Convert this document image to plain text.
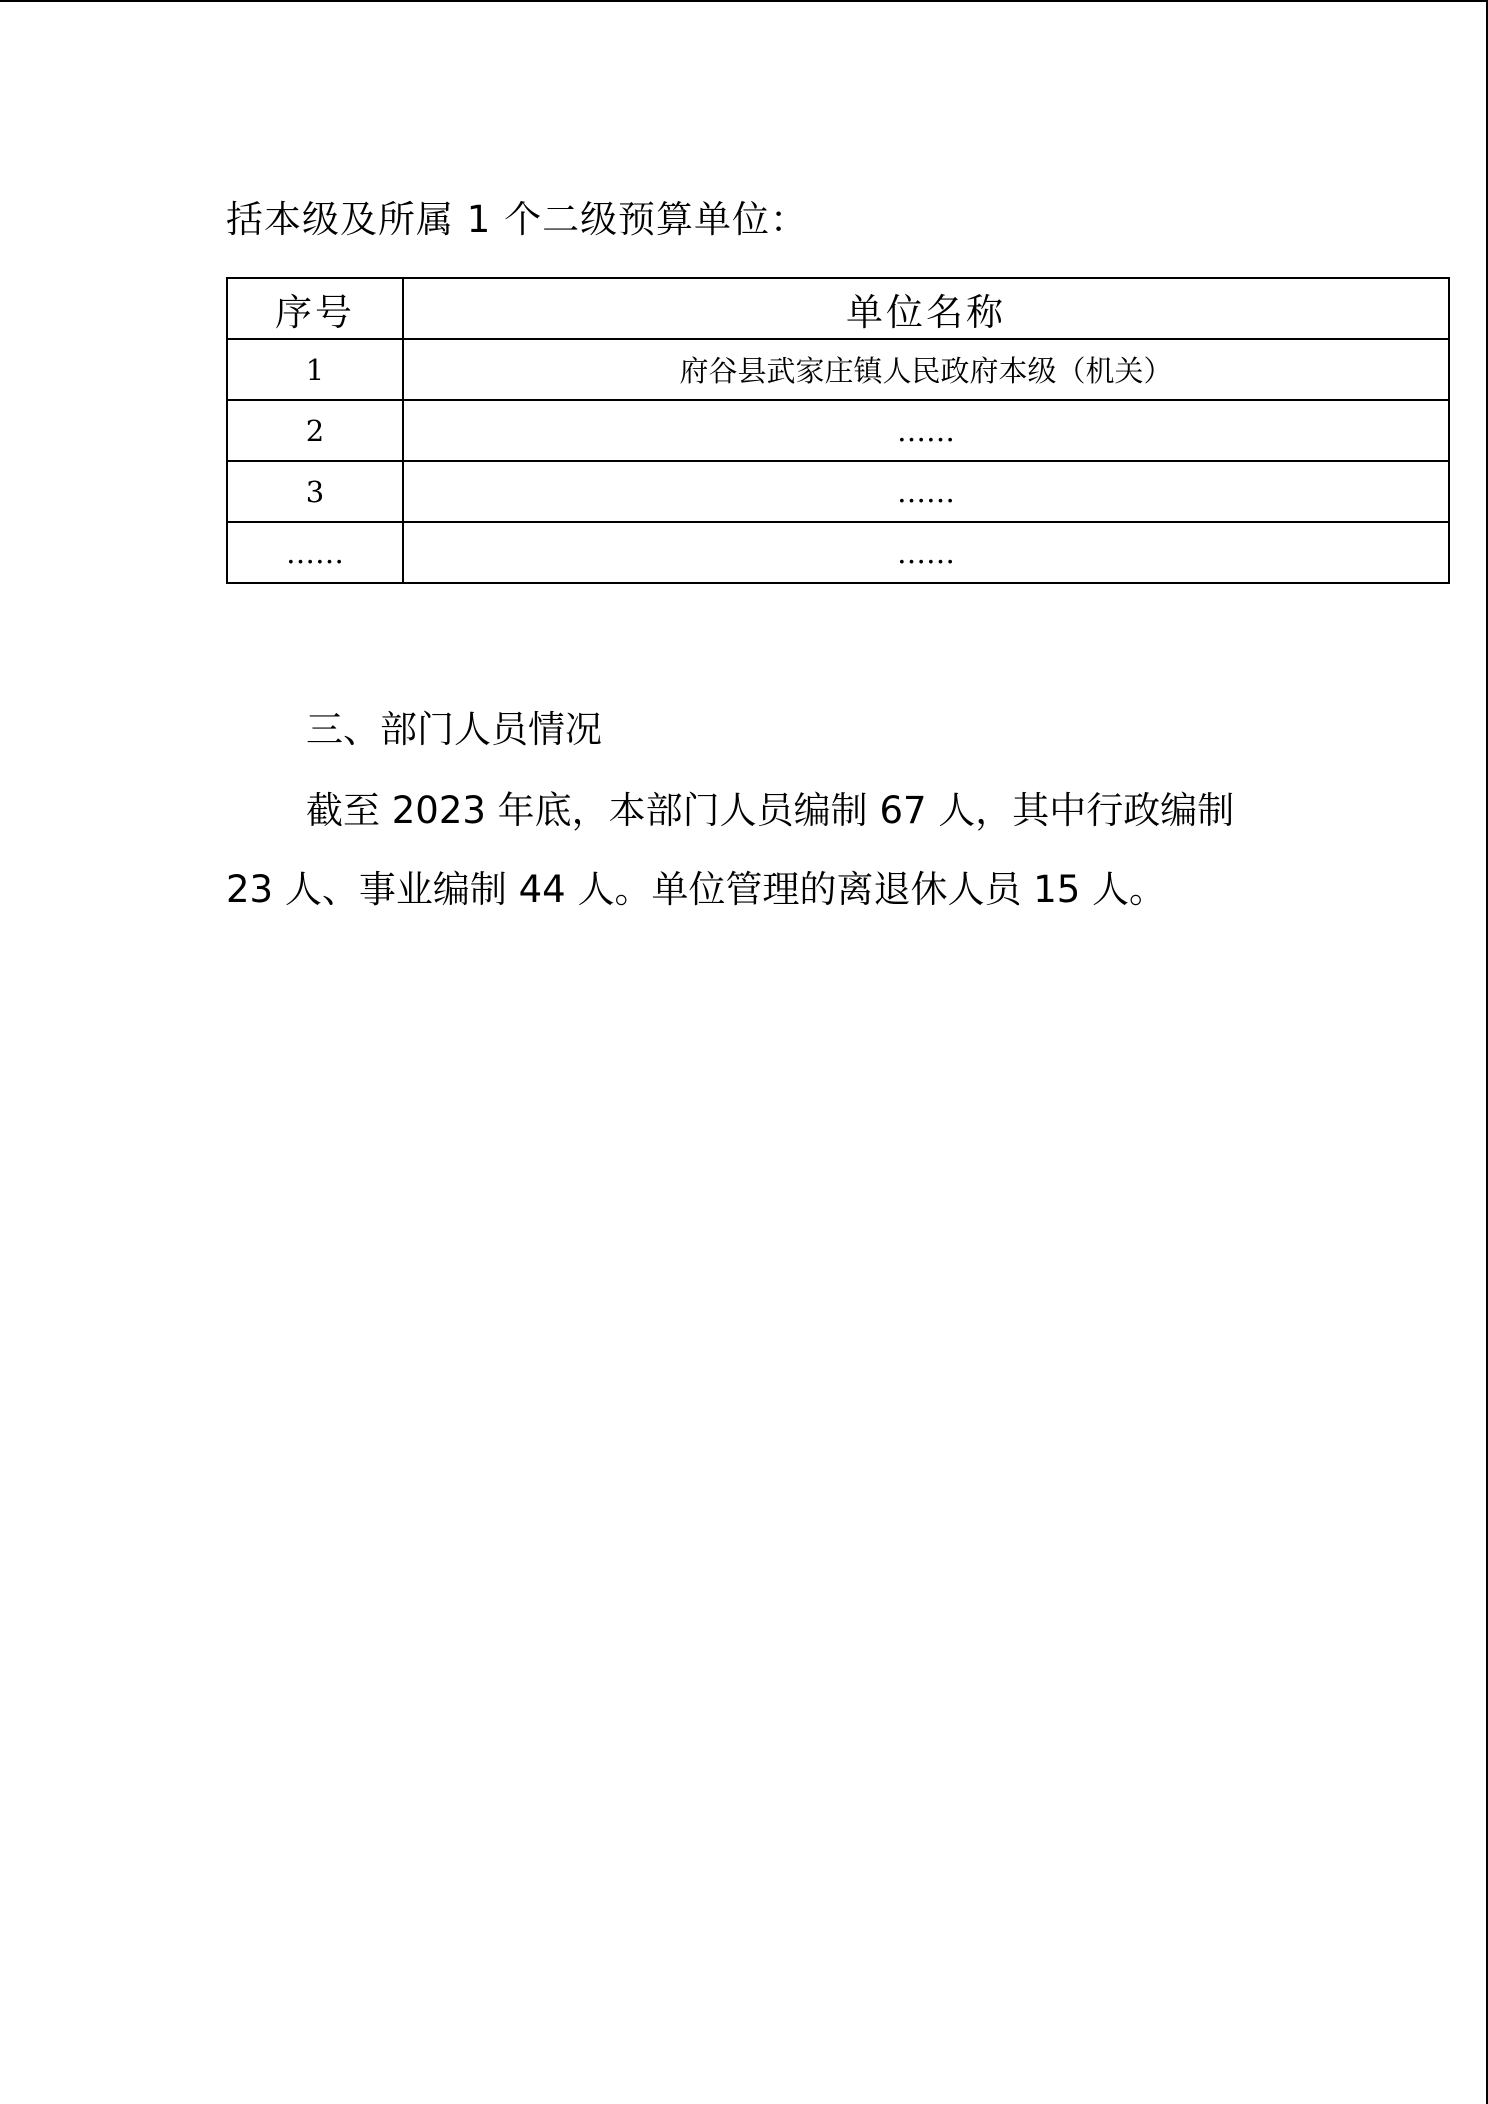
括本级及所属 1 个二级预算单位：
序号	单位名称
1	府谷县武家庄镇人民政府本级（机关）
2	……
3	……
……	……
三、部门人员情况
截至 2023 年底，本部门人员编制 67 人，其中行政编制
23 人、事业编制 44 人。单位管理的离退休人员 15 人。
